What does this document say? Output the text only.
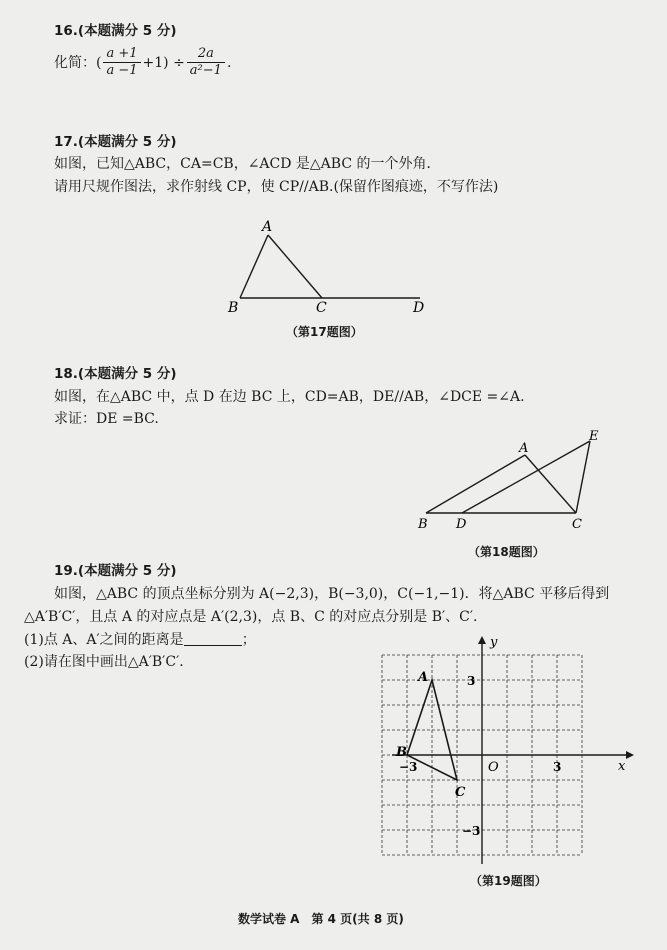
16.(本题满分 5 分)
化简：( $\frac{a +1}{a -1} +1) \div \frac{2a}{\text{a²−1}}$ .
17.(本题满分 5 分)
如图，已知△ABC，CA=CB，∠ACD 是△ABC 的一个外角．
请用尺规作图法，求作射线 CP，使 CP//AB.(保留作图痕迹，不写作法)
A
B	C	D
（第17题图）
18.(本题满分 5 分)
如图，在△ABC 中，点 D 在边 BC 上，CD=AB，DE//AB，∠DCE =∠A.
求证：DE =BC.
A
B	C
D
E
（第18题图）
19.(本题满分 5 分)
如图，△ABC 的顶点坐标分别为 A(−2,3)，B(−3,0)，C(−1,−1)．将△ABC 平移后得到
△A′B′C′，且点 A 的对应点是 A′(2,3)，点 B、C 的对应点分别是 B′、C′.
(1)点 A、A′之间的距离是	；
(2)请在图中画出△A′B′C′.
A
B
C
O	x
y
−3	3
3
−3
（第19题图）
数学试卷 A　第 4 页(共 8 页)
